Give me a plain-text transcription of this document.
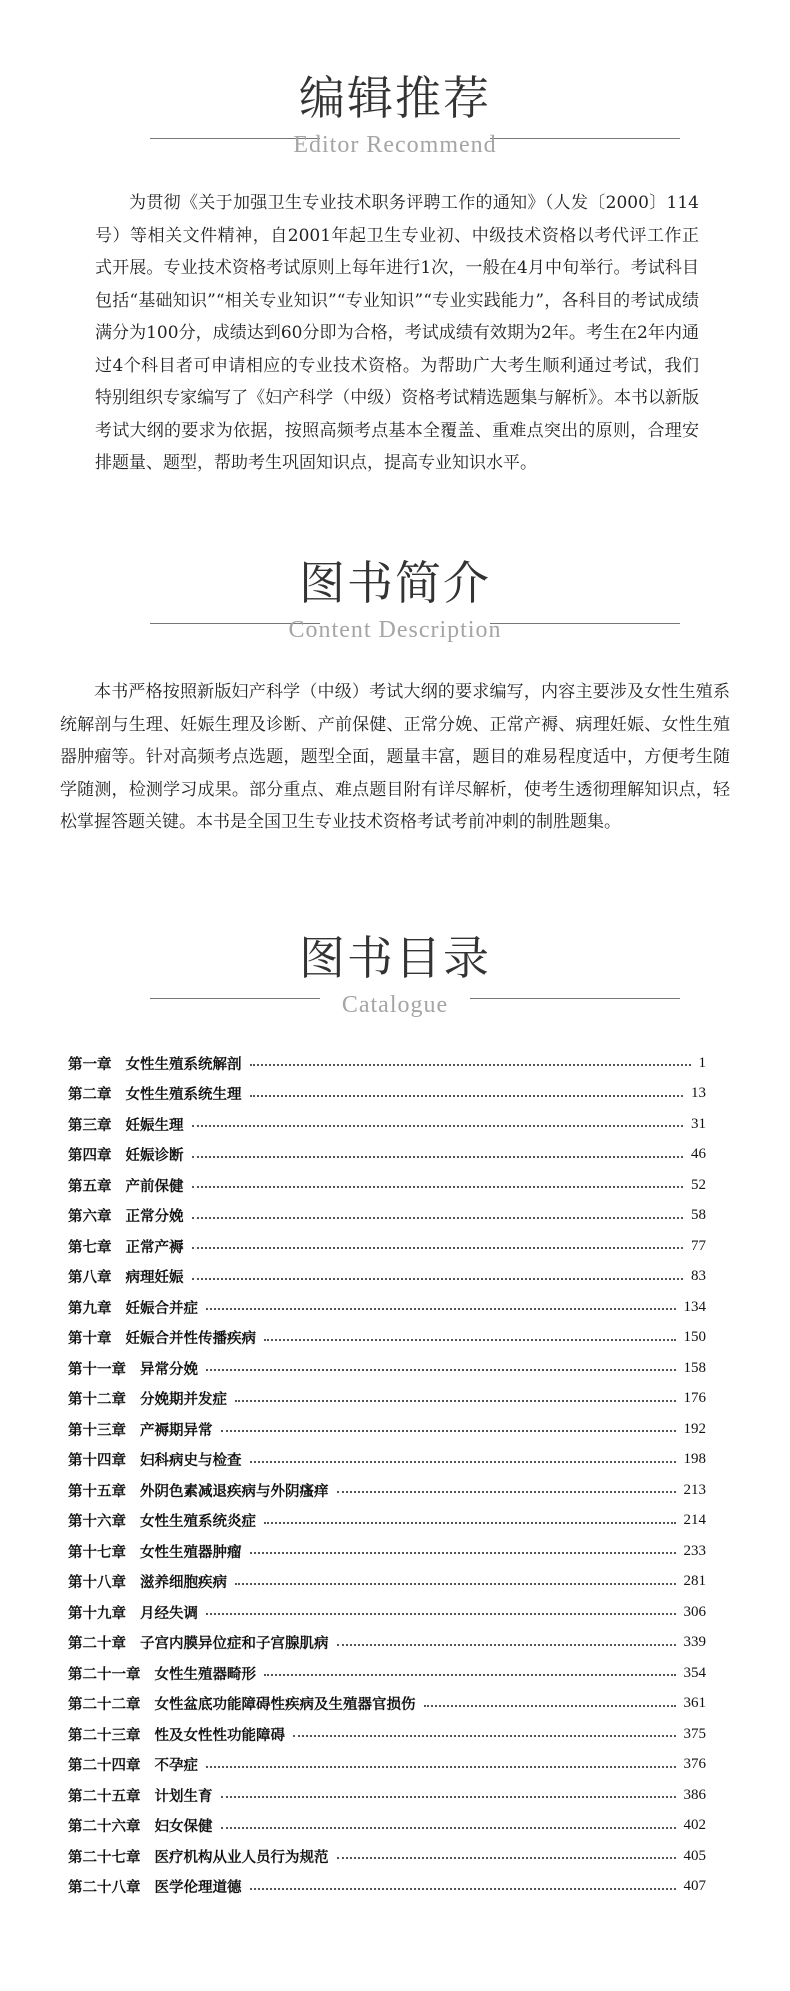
编辑推荐
Editor Recommend

为贯彻《关于加强卫生专业技术职务评聘工作的通知》（人发〔2000〕114号）等相关文件精神，自2001年起卫生专业初、中级技术资格以考代评工作正式开展。专业技术资格考试原则上每年进行1次，一般在4月中旬举行。考试科目包括“基础知识”“相关专业知识”“专业知识”“专业实践能力”，各科目的考试成绩满分为100分，成绩达到60分即为合格，考试成绩有效期为2年。考生在2年内通过4个科目者可申请相应的专业技术资格。为帮助广大考生顺利通过考试，我们特别组织专家编写了《妇产科学（中级）资格考试精选题集与解析》。本书以新版考试大纲的要求为依据，按照高频考点基本全覆盖、重难点突出的原则，合理安排题量、题型，帮助考生巩固知识点，提高专业知识水平。

图书简介
Content Description

本书严格按照新版妇产科学（中级）考试大纲的要求编写，内容主要涉及女性生殖系统解剖与生理、妊娠生理及诊断、产前保健、正常分娩、正常产褥、病理妊娠、女性生殖器肿瘤等。针对高频考点选题，题型全面，题量丰富，题目的难易程度适中，方便考生随学随测，检测学习成果。部分重点、难点题目附有详尽解析，使考生透彻理解知识点，轻松掌握答题关键。本书是全国卫生专业技术资格考试考前冲刺的制胜题集。

图书目录
Catalogue
第一章 女性生殖系统解剖	1
第二章 女性生殖系统生理	13
第三章 妊娠生理	31
第四章 妊娠诊断	46
第五章 产前保健	52
第六章 正常分娩	58
第七章 正常产褥	77
第八章 病理妊娠	83
第九章 妊娠合并症	134
第十章 妊娠合并性传播疾病	150
第十一章 异常分娩	158
第十二章 分娩期并发症	176
第十三章 产褥期异常	192
第十四章 妇科病史与检查	198
第十五章 外阴色素减退疾病与外阴瘙痒	213
第十六章 女性生殖系统炎症	214
第十七章 女性生殖器肿瘤	233
第十八章 滋养细胞疾病	281
第十九章 月经失调	306
第二十章 子宫内膜异位症和子宫腺肌病	339
第二十一章 女性生殖器畸形	354
第二十二章 女性盆底功能障碍性疾病及生殖器官损伤	361
第二十三章 性及女性性功能障碍	375
第二十四章 不孕症	376
第二十五章 计划生育	386
第二十六章 妇女保健	402
第二十七章 医疗机构从业人员行为规范	405
第二十八章 医学伦理道德	407
